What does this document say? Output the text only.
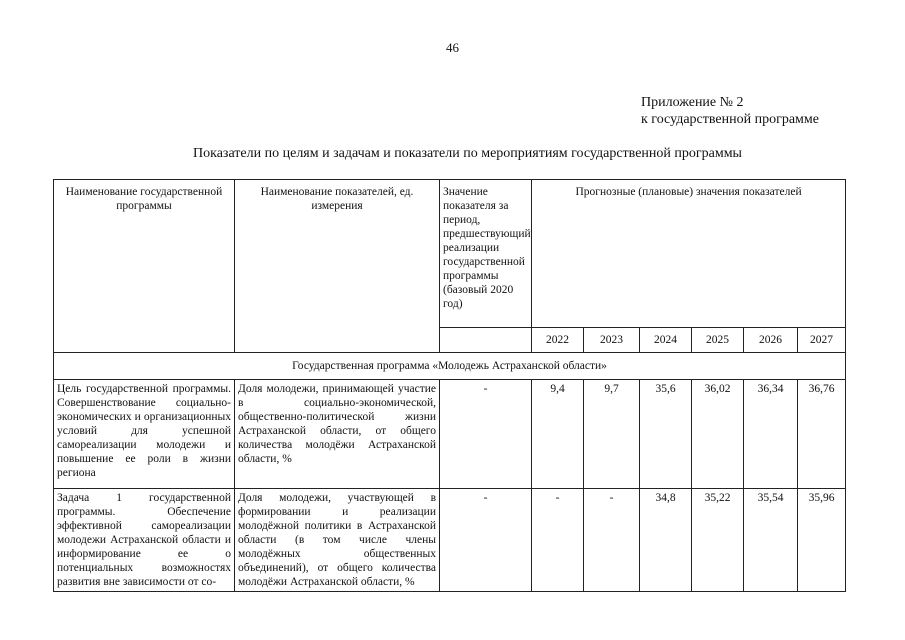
46
Приложение № 2
к государственной программе
Показатели по целям и задачам и показатели по мероприятиям государственной программы
Наименование государственной программы	Наименование показателей, ед. измерения	Значение показателя за период, предшествующий реализации государственной программы (базовый 2020 год)	Прогнозные (плановые) значения показателей					
			2022	2023	2024	2025	2026	2027
Государственная программа «Молодежь Астраханской области»								
Цель государственной программы. Совершенствование социально-экономических и организационных условий для успешной самореализации молодежи и повышение ее роли в жизни региона	Доля молодежи, принимающей участие в социально-экономической, общественно-политической жизни Астраханской области, от общего количества молодёжи Астраханской области, %	-	9,4	9,7	35,6	36,02	36,34	36,76
Задача 1 государственной программы. Обеспечение эффективной самореализации молодежи Астраханской области и информирование ее о потенциальных возможностях развития вне зависимости от со-	Доля молодежи, участвующей в формировании и реализации молодёжной политики в Астраханской области (в том числе члены молодёжных общественных объединений), от общего количества молодёжи Астраханской области, %	-	-	-	34,8	35,22	35,54	35,96
